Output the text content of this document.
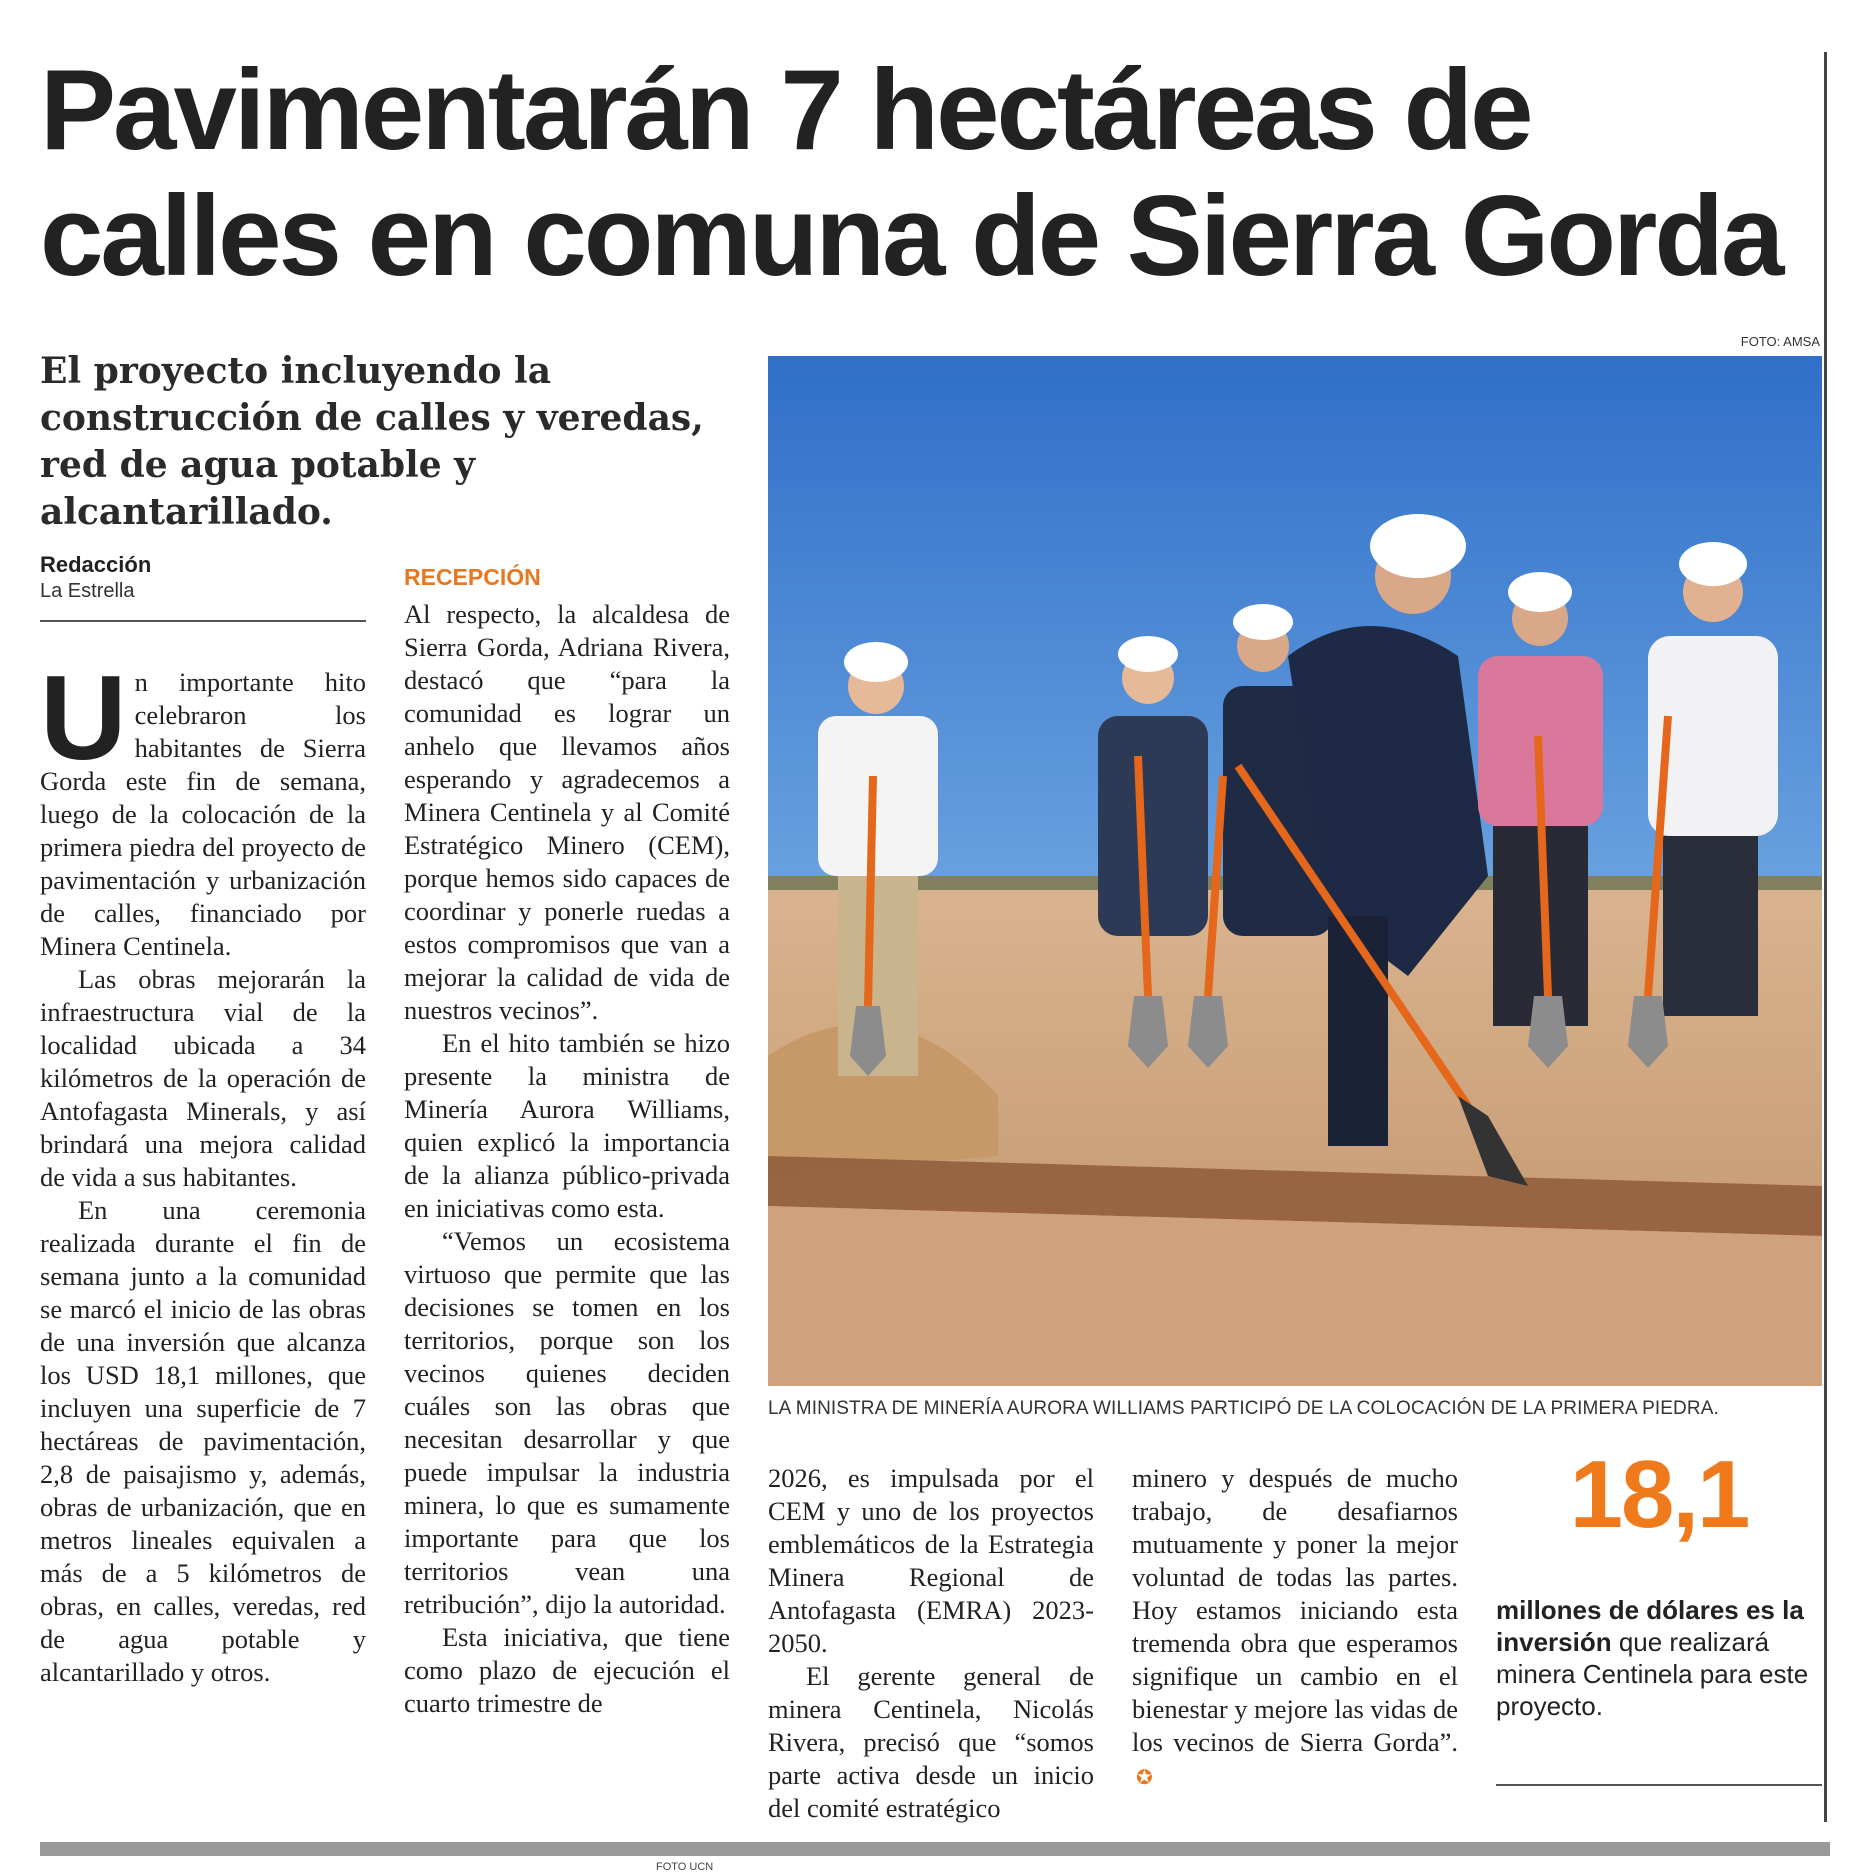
Pavimentarán 7 hectáreas de calles en comuna de Sierra Gorda
El proyecto incluyendo la construcción de calles y veredas, red de agua potable y alcantarillado.
FOTO: AMSA
LA MINISTRA DE MINERÍA AURORA WILLIAMS PARTICIPÓ DE LA COLOCACIÓN DE LA PRIMERA PIEDRA.
Redacción
La Estrella

Un importante hito celebraron los habitantes de Sierra Gorda este fin de semana, luego de la colocación de la primera piedra del proyecto de pavimentación y urbanización de calles, financiado por Minera Centinela.

Las obras mejorarán la infraestructura vial de la localidad ubicada a 34 kilómetros de la operación de Antofagasta Minerals, y así brindará una mejora calidad de vida a sus habitantes.

En una ceremonia realizada durante el fin de semana junto a la comunidad se marcó el inicio de las obras de una inversión que alcanza los USD 18,1 millones, que incluyen una superficie de 7 hectáreas de pavimentación, 2,8 de paisajismo y, además, obras de urbanización, que en metros lineales equivalen a más de a 5 kilómetros de obras, en calles, veredas, red de agua potable y alcantarillado y otros.

RECEPCIÓN

Al respecto, la alcaldesa de Sierra Gorda, Adriana Rivera, destacó que “para la comunidad es lograr un anhelo que llevamos años esperando y agradecemos a Minera Centinela y al Comité Estratégico Minero (CEM), porque hemos sido capaces de coordinar y ponerle ruedas a estos compromisos que van a mejorar la calidad de vida de nuestros vecinos”.

En el hito también se hizo presente la ministra de Minería Aurora Williams, quien explicó la importancia de la alianza público-privada en iniciativas como esta.

“Vemos un ecosistema virtuoso que permite que las decisiones se tomen en los territorios, porque son los vecinos quienes deciden cuáles son las obras que necesitan desarrollar y que puede impulsar la industria minera, lo que es sumamente importante para que los territorios vean una retribución”, dijo la autoridad.

Esta iniciativa, que tiene como plazo de ejecución el cuarto trimestre de

2026, es impulsada por el CEM y uno de los proyectos emblemáticos de la Estrategia Minera Regional de Antofagasta (EMRA) 2023-2050.

El gerente general de minera Centinela, Nicolás Rivera, precisó que “somos parte activa desde un inicio del comité estratégico

minero y después de mucho trabajo, de desafiarnos mutuamente y poner la mejor voluntad de todas las partes. Hoy estamos iniciando esta tremenda obra que esperamos signifique un cambio en el bienestar y mejore las vidas de los vecinos de Sierra Gorda”.✪

18,1
millones de dólares es la inversión que realizará minera Centinela para este proyecto.
FOTO UCN
